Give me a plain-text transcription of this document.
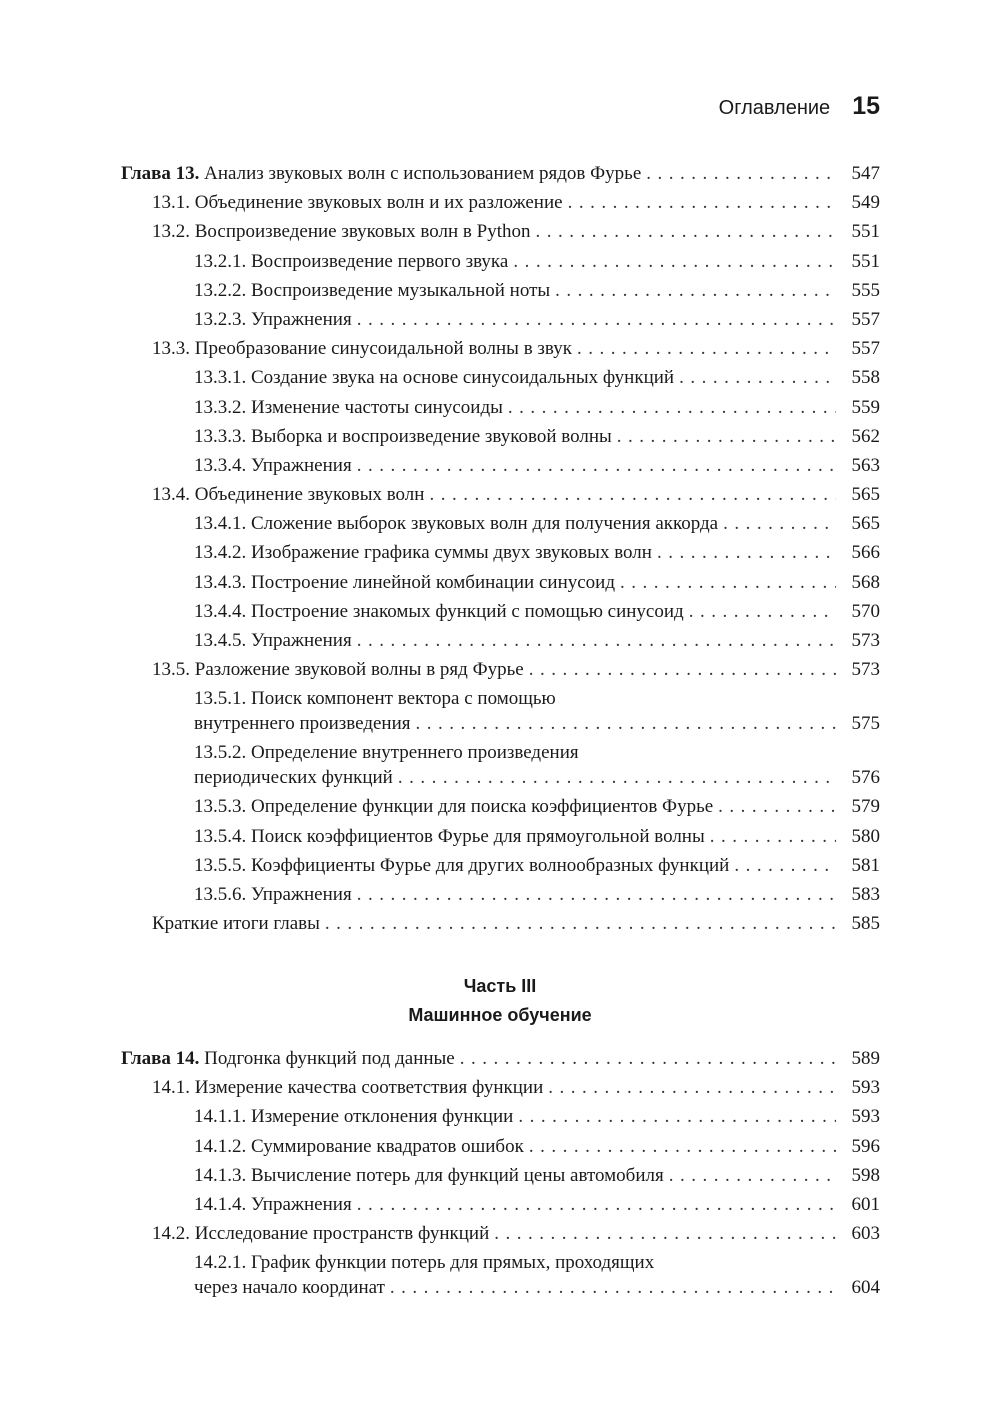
Оглавление 15
Глава 13. Анализ звуковых волн с использованием рядов Фурье .....	547
13.1. Объединение звуковых волн и их разложение .....	549
13.2. Воспроизведение звуковых волн в Python .....	551
13.2.1. Воспроизведение первого звука .....	551
13.2.2. Воспроизведение музыкальной ноты .....	555
13.2.3. Упражнения .....	557
13.3. Преобразование синусоидальной волны в звук .....	557
13.3.1. Создание звука на основе синусоидальных функций .....	558
13.3.2. Изменение частоты синусоиды .....	559
13.3.3. Выборка и воспроизведение звуковой волны .....	562
13.3.4. Упражнения .....	563
13.4. Объединение звуковых волн .....	565
13.4.1. Сложение выборок звуковых волн для получения аккорда .....	565
13.4.2. Изображение графика суммы двух звуковых волн .....	566
13.4.3. Построение линейной комбинации синусоид .....	568
13.4.4. Построение знакомых функций с помощью синусоид .....	570
13.4.5. Упражнения .....	573
13.5. Разложение звуковой волны в ряд Фурье .....	573
13.5.1. Поиск компонент вектора с помощью
внутреннего произведения .....	575
13.5.2. Определение внутреннего произведения
периодических функций .....	576
13.5.3. Определение функции для поиска коэффициентов Фурье .....	579
13.5.4. Поиск коэффициентов Фурье для прямоугольной волны .....	580
13.5.5. Коэффициенты Фурье для других волнообразных функций .....	581
13.5.6. Упражнения .....	583
Краткие итоги главы .....	585
Часть III
Машинное обучение
Глава 14. Подгонка функций под данные .....	589
14.1. Измерение качества соответствия функции .....	593
14.1.1. Измерение отклонения функции .....	593
14.1.2. Суммирование квадратов ошибок .....	596
14.1.3. Вычисление потерь для функций цены автомобиля .....	598
14.1.4. Упражнения .....	601
14.2. Исследование пространств функций .....	603
14.2.1. График функции потерь для прямых, проходящих
через начало координат .....	604
